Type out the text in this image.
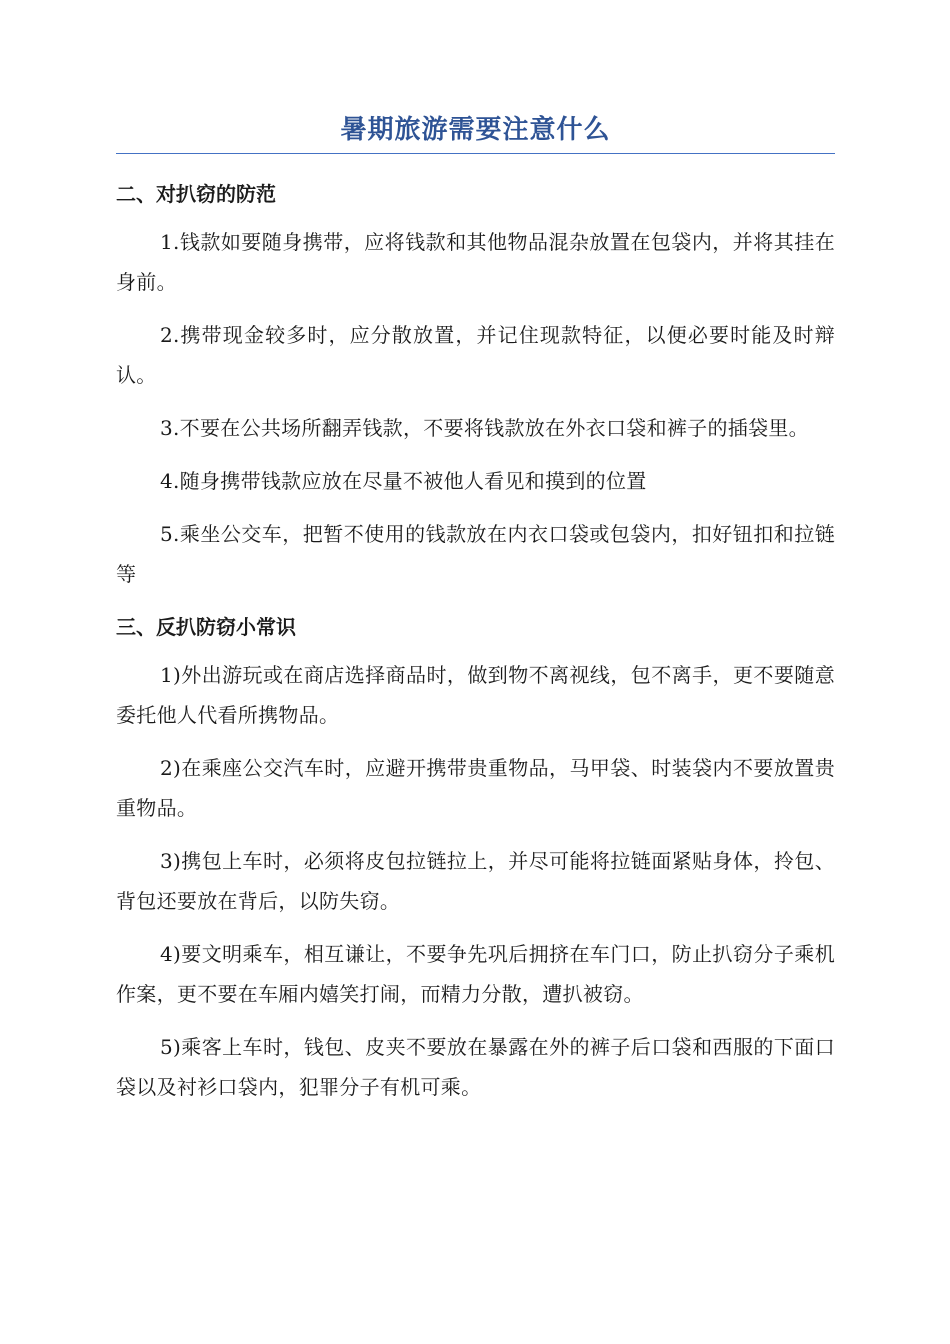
暑期旅游需要注意什么
二、对扒窃的防范

1.钱款如要随身携带，应将钱款和其他物品混杂放置在包袋内，并将其挂在身前。

2.携带现金较多时，应分散放置，并记住现款特征，以便必要时能及时辩认。

3.不要在公共场所翻弄钱款，不要将钱款放在外衣口袋和裤子的插袋里。

4.随身携带钱款应放在尽量不被他人看见和摸到的位置

5.乘坐公交车，把暂不使用的钱款放在内衣口袋或包袋内，扣好钮扣和拉链等

三、反扒防窃小常识

1)外出游玩或在商店选择商品时，做到物不离视线，包不离手，更不要随意委托他人代看所携物品。

2)在乘座公交汽车时，应避开携带贵重物品，马甲袋、时装袋内不要放置贵重物品。

3)携包上车时，必须将皮包拉链拉上，并尽可能将拉链面紧贴身体，拎包、背包还要放在背后，以防失窃。

4)要文明乘车，相互谦让，不要争先巩后拥挤在车门口，防止扒窃分子乘机作案，更不要在车厢内嬉笑打闹，而精力分散，遭扒被窃。

5)乘客上车时，钱包、皮夹不要放在暴露在外的裤子后口袋和西服的下面口袋以及衬衫口袋内，犯罪分子有机可乘。
